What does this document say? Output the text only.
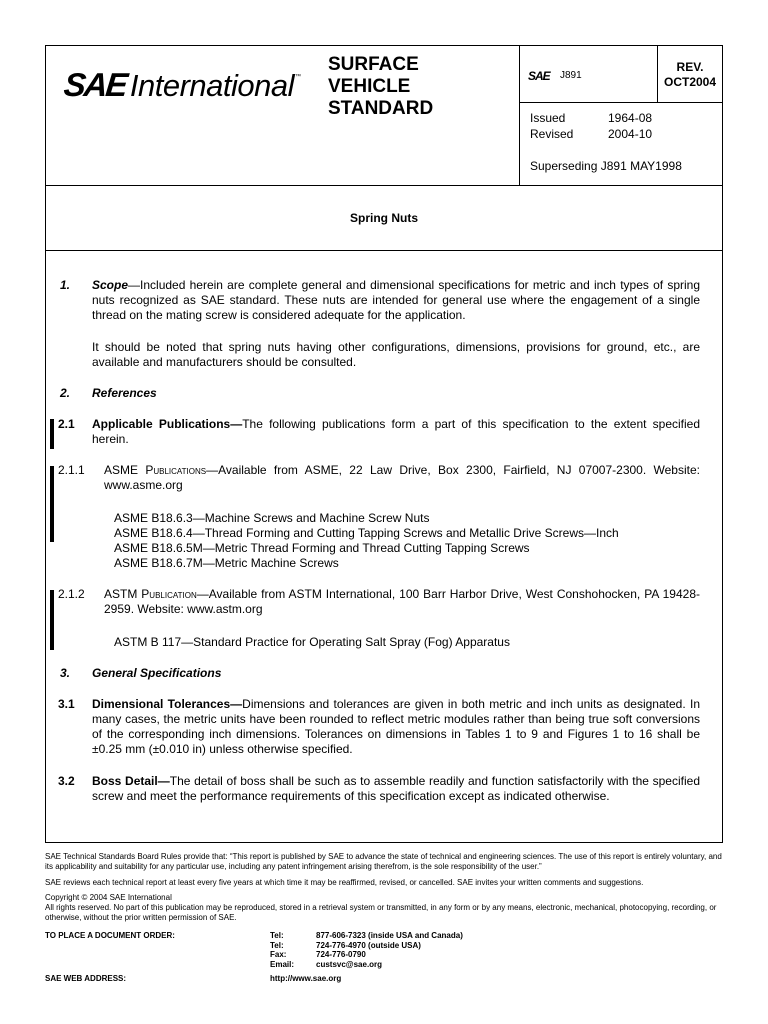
SAE International ™
SURFACE
VEHICLE
STANDARD
SAE J891
REV.
OCT2004
Issued	1964-08
Revised	2004-10
Superseding J891 MAY1998
Spring Nuts
1. Scope—Included herein are complete general and dimensional specifications for metric and inch types of spring nuts recognized as SAE standard. These nuts are intended for general use where the engagement of a single thread on the mating screw is considered adequate for the application.
It should be noted that spring nuts having other configurations, dimensions, provisions for ground, etc., are available and manufacturers should be consulted.
2. References
2.1 Applicable Publications—The following publications form a part of this specification to the extent specified herein.
2.1.1 ASME Publications—Available from ASME, 22 Law Drive, Box 2300, Fairfield, NJ 07007-2300. Website: www.asme.org
ASME B18.6.3—Machine Screws and Machine Screw Nuts
ASME B18.6.4—Thread Forming and Cutting Tapping Screws and Metallic Drive Screws—Inch
ASME B18.6.5M—Metric Thread Forming and Thread Cutting Tapping Screws
ASME B18.6.7M—Metric Machine Screws
2.1.2 ASTM Publication—Available from ASTM International, 100 Barr Harbor Drive, West Conshohocken, PA 19428-2959. Website: www.astm.org
ASTM B 117—Standard Practice for Operating Salt Spray (Fog) Apparatus
3. General Specifications
3.1 Dimensional Tolerances—Dimensions and tolerances are given in both metric and inch units as designated. In many cases, the metric units have been rounded to reflect metric modules rather than being true soft conversions of the corresponding inch dimensions. Tolerances on dimensions in Tables 1 to 9 and Figures 1 to 16 shall be ±0.25 mm (±0.010 in) unless otherwise specified.
3.2 Boss Detail—The detail of boss shall be such as to assemble readily and function satisfactorily with the specified screw and meet the performance requirements of this specification except as indicated otherwise.
SAE Technical Standards Board Rules provide that: “This report is published by SAE to advance the state of technical and engineering sciences. The use of this report is entirely voluntary, and its applicability and suitability for any particular use, including any patent infringement arising therefrom, is the sole responsibility of the user.”
SAE reviews each technical report at least every five years at which time it may be reaffirmed, revised, or cancelled. SAE invites your written comments and suggestions.
Copyright © 2004 SAE International
All rights reserved. No part of this publication may be reproduced, stored in a retrieval system or transmitted, in any form or by any means, electronic, mechanical, photocopying, recording, or otherwise, without the prior written permission of SAE.
TO PLACE A DOCUMENT ORDER:
SAE WEB ADDRESS:
Tel:	877-606-7323 (inside USA and Canada)
Tel:	724-776-4970 (outside USA)
Fax:	724-776-0790
Email:	custsvc@sae.org
http://www.sae.org
